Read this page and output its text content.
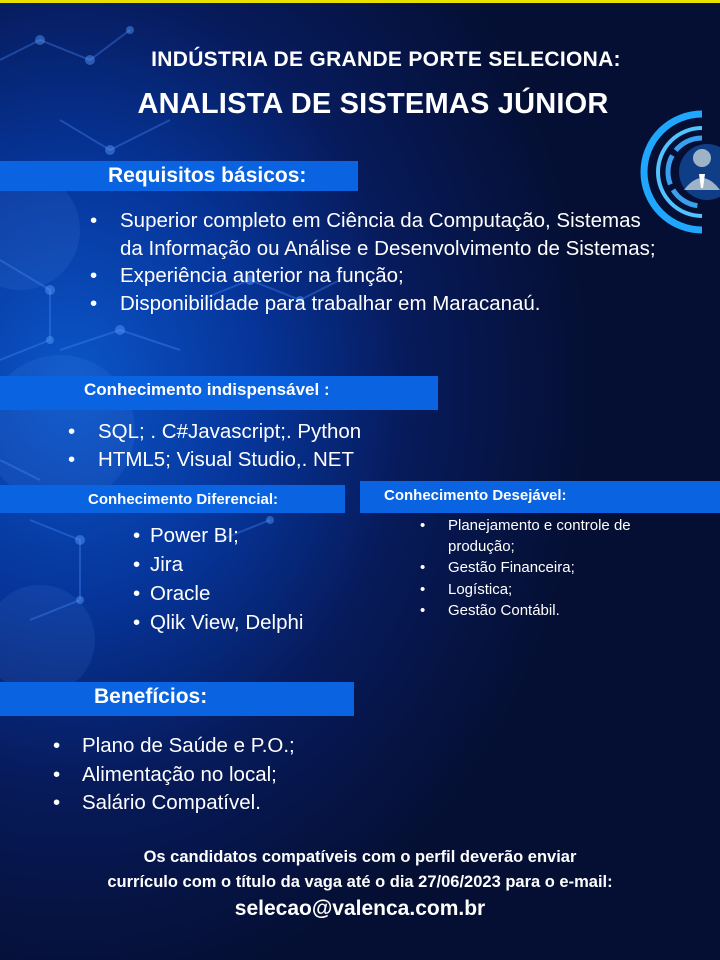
INDÚSTRIA DE GRANDE PORTE SELECIONA:
ANALISTA DE SISTEMAS JÚNIOR
Requisitos básicos:
• Superior completo em Ciência da Computação, Sistemas da Informação ou Análise e Desenvolvimento de Sistemas;
• Experiência anterior na função;
• Disponibilidade para trabalhar em Maracanaú.
Conhecimento indispensável :
• SQL; . C#Javascript;. Python
• HTML5; Visual Studio,. NET
Conhecimento Diferencial:
• Power BI;
• Jira
• Oracle
• Qlik View, Delphi
Conhecimento Desejável:
• Planejamento e controle de produção;
• Gestão Financeira;
• Logística;
• Gestão Contábil.
Benefícios:
• Plano de Saúde e P.O.;
• Alimentação no local;
• Salário Compatível.
Os candidatos compatíveis com o perfil deverão enviar
currículo com o título da vaga até o dia 27/06/2023 para o e-mail:
selecao@valenca.com.br
